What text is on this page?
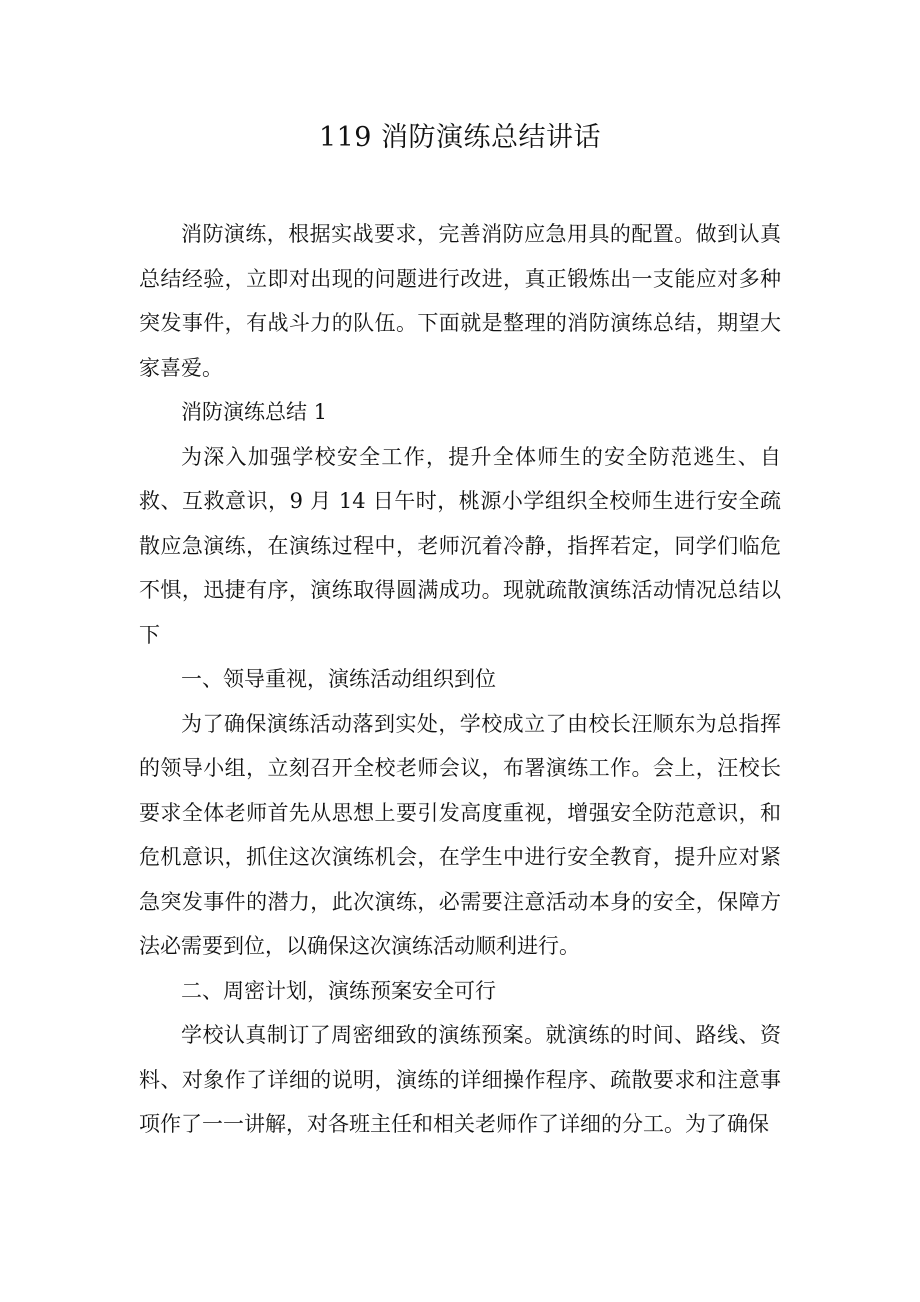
119 消防演练总结讲话

消防演练，根据实战要求，完善消防应急用具的配置。做到认真总结经验，立即对出现的问题进行改进，真正锻炼出一支能应对多种突发事件，有战斗力的队伍。下面就是整理的消防演练总结，期望大家喜爱。

消防演练总结 1

为深入加强学校安全工作，提升全体师生的安全防范逃生、自救、互救意识，9 月 14 日午时，桃源小学组织全校师生进行安全疏散应急演练，在演练过程中，老师沉着冷静，指挥若定，同学们临危不惧，迅捷有序，演练取得圆满成功。现就疏散演练活动情况总结以下

一、领导重视，演练活动组织到位

为了确保演练活动落到实处，学校成立了由校长汪顺东为总指挥的领导小组，立刻召开全校老师会议，布署演练工作。会上，汪校长要求全体老师首先从思想上要引发高度重视，增强安全防范意识，和危机意识，抓住这次演练机会，在学生中进行安全教育，提升应对紧急突发事件的潜力，此次演练，必需要注意活动本身的安全，保障方法必需要到位，以确保这次演练活动顺利进行。

二、周密计划，演练预案安全可行

学校认真制订了周密细致的演练预案。就演练的时间、路线、资料、对象作了详细的说明，演练的详细操作程序、疏散要求和注意事项作了一一讲解，对各班主任和相关老师作了详细的分工。为了确保
